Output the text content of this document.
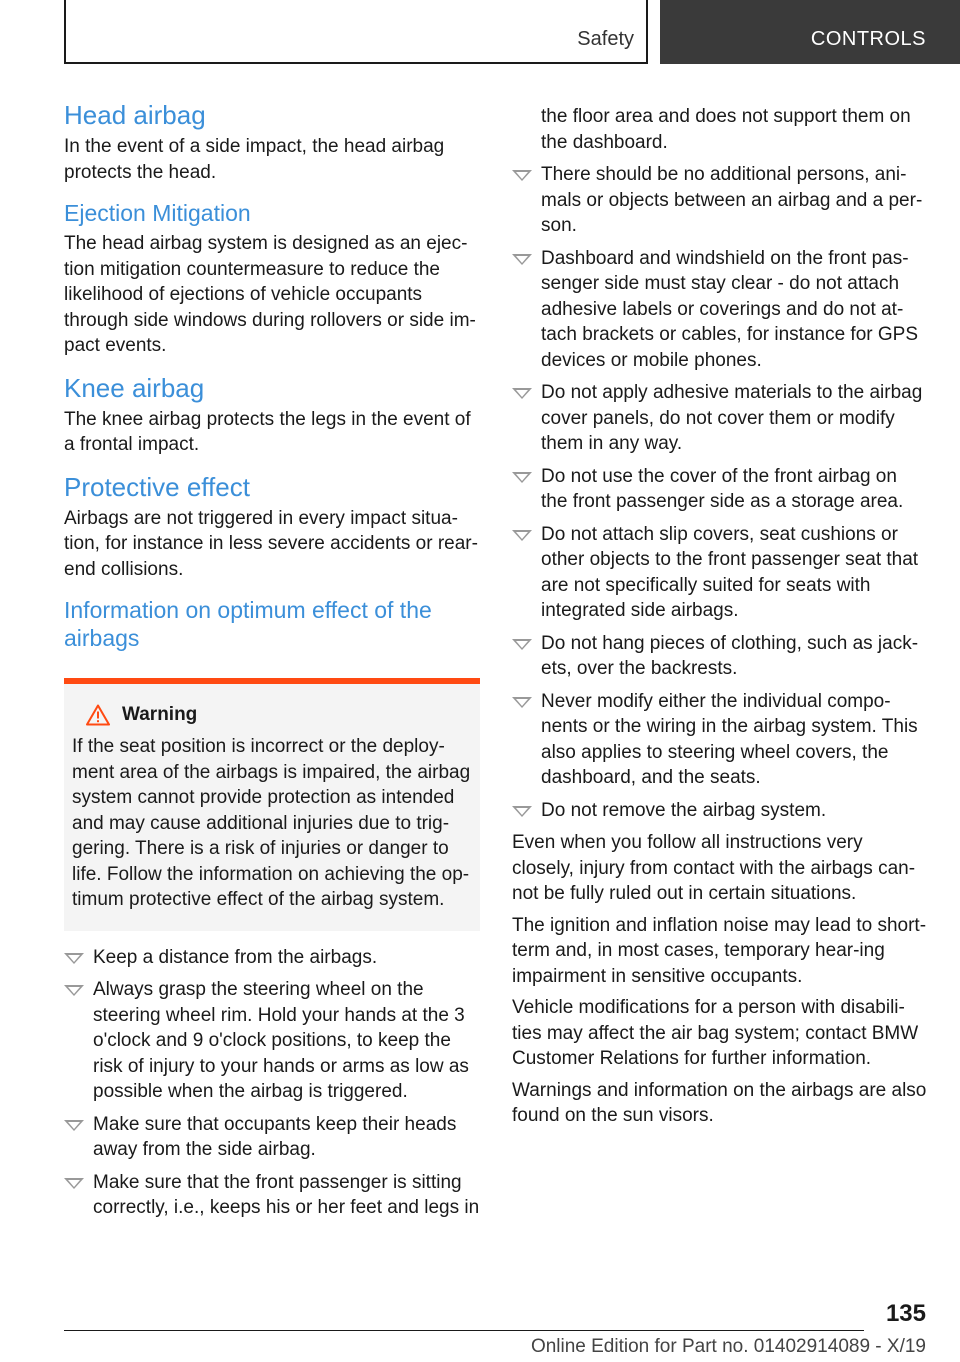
Safety	CONTROLS
Head airbag

In the event of a side impact, the head airbag protects the head.

Ejection Mitigation

The head airbag system is designed as an ejec-tion mitigation countermeasure to reduce the likelihood of ejections of vehicle occupants through side windows during rollovers or side im-pact events.

Knee airbag

The knee airbag protects the legs in the event of a frontal impact.

Protective effect

Airbags are not triggered in every impact situa-tion, for instance in less severe accidents or rear-end collisions.

Information on optimum effect of the airbags
Warning

If the seat position is incorrect or the deploy-ment area of the airbags is impaired, the airbag system cannot provide protection as intended and may cause additional injuries due to trig-gering. There is a risk of injuries or danger to life. Follow the information on achieving the op-timum protective effect of the airbag system.

Keep a distance from the airbags.
Always grasp the steering wheel on the steering wheel rim. Hold your hands at the 3 o'clock and 9 o'clock positions, to keep the risk of injury to your hands or arms as low as possible when the airbag is triggered.
Make sure that occupants keep their heads away from the side airbag.
Make sure that the front passenger is sitting correctly, i.e., keeps his or her feet and legs in
the floor area and does not support them on the dashboard.
There should be no additional persons, ani-mals or objects between an airbag and a per-son.
Dashboard and windshield on the front pas-senger side must stay clear - do not attach adhesive labels or coverings and do not at-tach brackets or cables, for instance for GPS devices or mobile phones.
Do not apply adhesive materials to the airbag cover panels, do not cover them or modify them in any way.
Do not use the cover of the front airbag on the front passenger side as a storage area.
Do not attach slip covers, seat cushions or other objects to the front passenger seat that are not specifically suited for seats with integrated side airbags.
Do not hang pieces of clothing, such as jack-ets, over the backrests.
Never modify either the individual compo-nents or the wiring in the airbag system. This also applies to steering wheel covers, the dashboard, and the seats.
Do not remove the airbag system.

Even when you follow all instructions very closely, injury from contact with the airbags can-not be fully ruled out in certain situations.

The ignition and inflation noise may lead to short-term and, in most cases, temporary hear-ing impairment in sensitive occupants.

Vehicle modifications for a person with disabili-ties may affect the air bag system; contact BMW Customer Relations for further information.

Warnings and information on the airbags are also found on the sun visors.

135
Online Edition for Part no. 01402914089 - X/19
